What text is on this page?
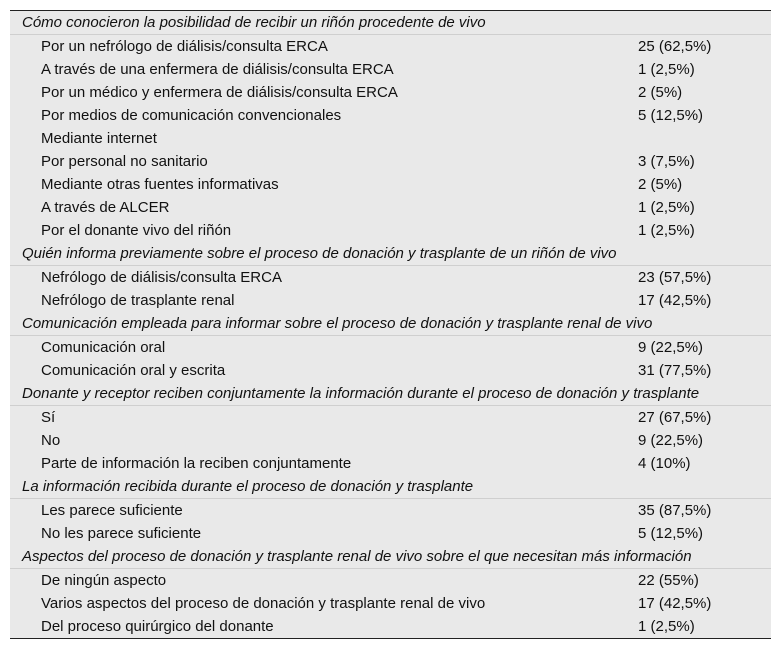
Cómo conocieron la posibilidad de recibir un riñón procedente de vivo
Por un nefrólogo de diálisis/consulta ERCA	25 (62,5%)
A través de una enfermera de diálisis/consulta ERCA	1 (2,5%)
Por un médico y enfermera de diálisis/consulta ERCA	2 (5%)
Por medios de comunicación convencionales	5 (12,5%)
Mediante internet
Por personal no sanitario	3 (7,5%)
Mediante otras fuentes informativas	2 (5%)
A través de ALCER	1 (2,5%)
Por el donante vivo del riñón	1 (2,5%)
Quién informa previamente sobre el proceso de donación y trasplante de un riñón de vivo
Nefrólogo de diálisis/consulta ERCA	23 (57,5%)
Nefrólogo de trasplante renal	17 (42,5%)
Comunicación empleada para informar sobre el proceso de donación y trasplante renal de vivo
Comunicación oral	9 (22,5%)
Comunicación oral y escrita	31 (77,5%)
Donante y receptor reciben conjuntamente la información durante el proceso de donación y trasplante
Sí	27 (67,5%)
No	9 (22,5%)
Parte de información la reciben conjuntamente	4 (10%)
La información recibida durante el proceso de donación y trasplante
Les parece suficiente	35 (87,5%)
No les parece suficiente	5 (12,5%)
Aspectos del proceso de donación y trasplante renal de vivo sobre el que necesitan más información
De ningún aspecto	22 (55%)
Varios aspectos del proceso de donación y trasplante renal de vivo	17 (42,5%)
Del proceso quirúrgico del donante	1 (2,5%)
